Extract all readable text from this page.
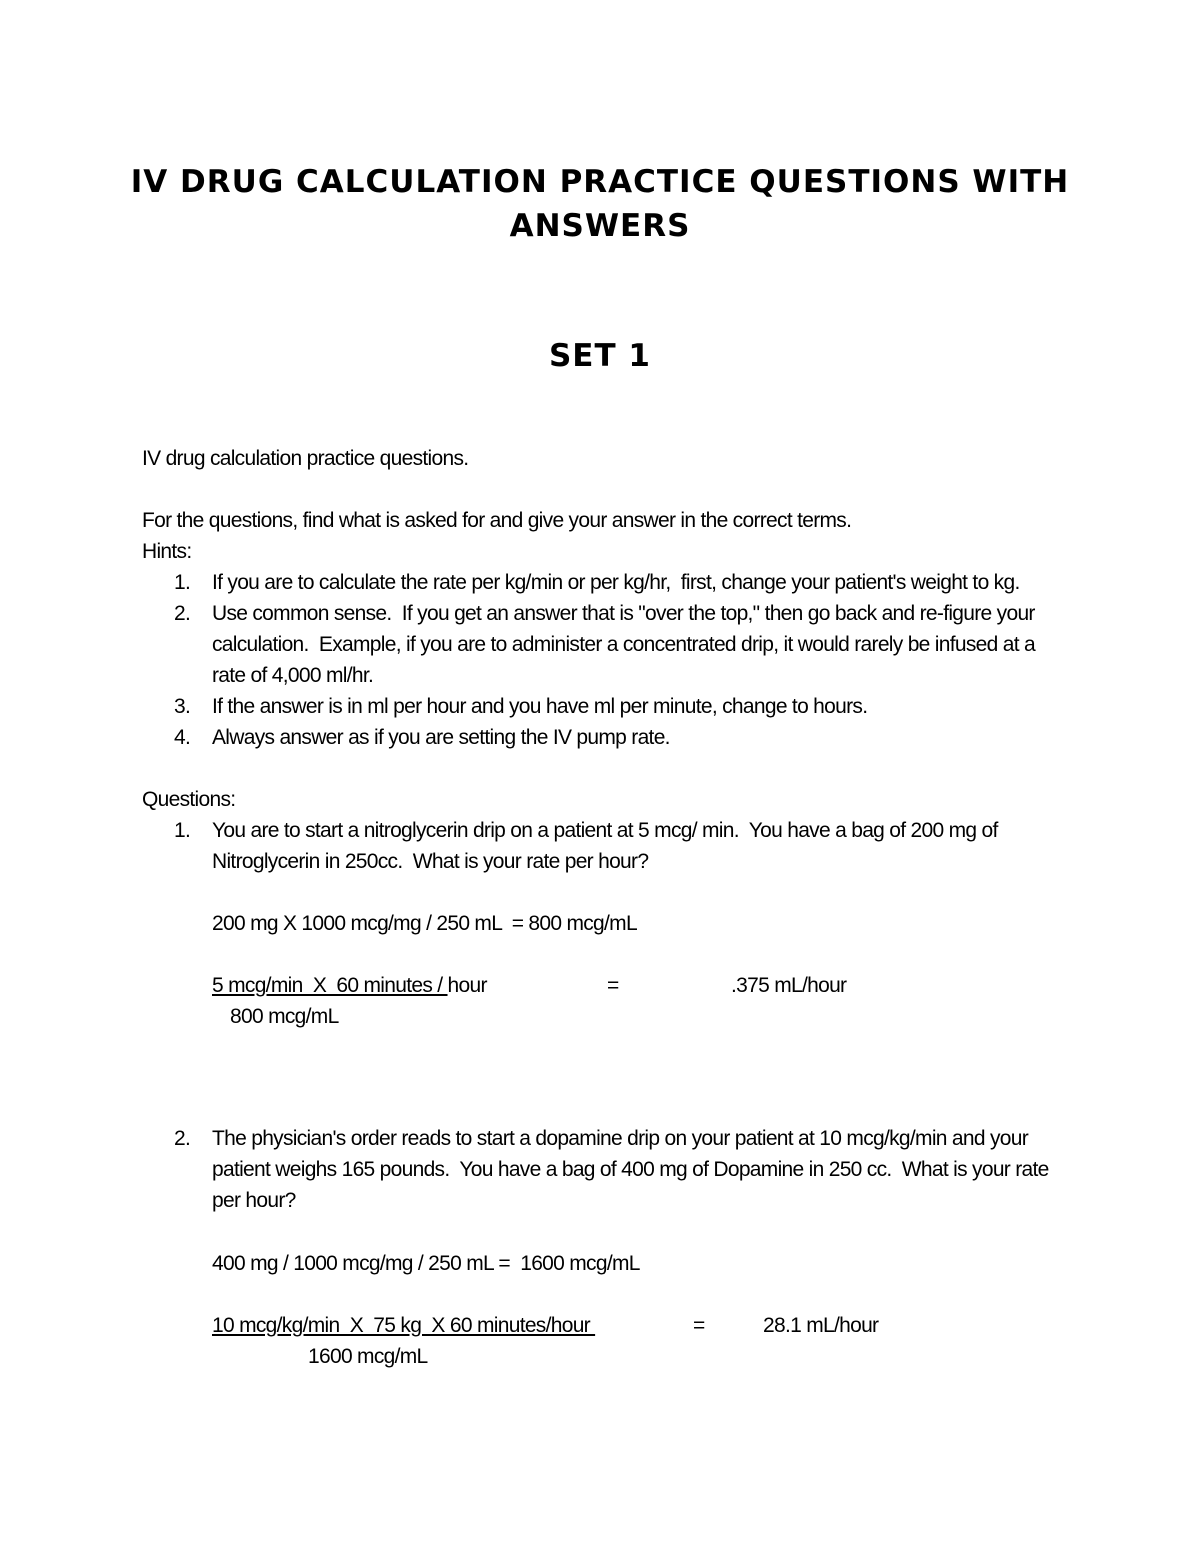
IV DRUG CALCULATION PRACTICE QUESTIONS WITH
ANSWERS
SET 1
IV drug calculation practice questions.
For the questions, find what is asked for and give your answer in the correct terms.
Hints:
1. If you are to calculate the rate per kg/min or per kg/hr,  first, change your patient's weight to kg.
2. Use common sense.  If you get an answer that is "over the top," then go back and re-figure your
calculation.  Example, if you are to administer a concentrated drip, it would rarely be infused at a
rate of 4,000 ml/hr.
3. If the answer is in ml per hour and you have ml per minute, change to hours.
4. Always answer as if you are setting the IV pump rate.
Questions:
1. You are to start a nitroglycerin drip on a patient at 5 mcg/ min.  You have a bag of 200 mg of
Nitroglycerin in 250cc.  What is your rate per hour?
200 mg X 1000 mcg/mg / 250 mL  = 800 mcg/mL
5 mcg/min  X  60 minutes / hour	=	.375 mL/hour
800 mcg/mL
2. The physician's order reads to start a dopamine drip on your patient at 10 mcg/kg/min and your
patient weighs 165 pounds.  You have a bag of 400 mg of Dopamine in 250 cc.  What is your rate
per hour?
400 mg / 1000 mcg/mg / 250 mL =  1600 mcg/mL
10 mcg/kg/min  X  75 kg  X 60 minutes/hour	=	28.1 mL/hour
1600 mcg/mL
